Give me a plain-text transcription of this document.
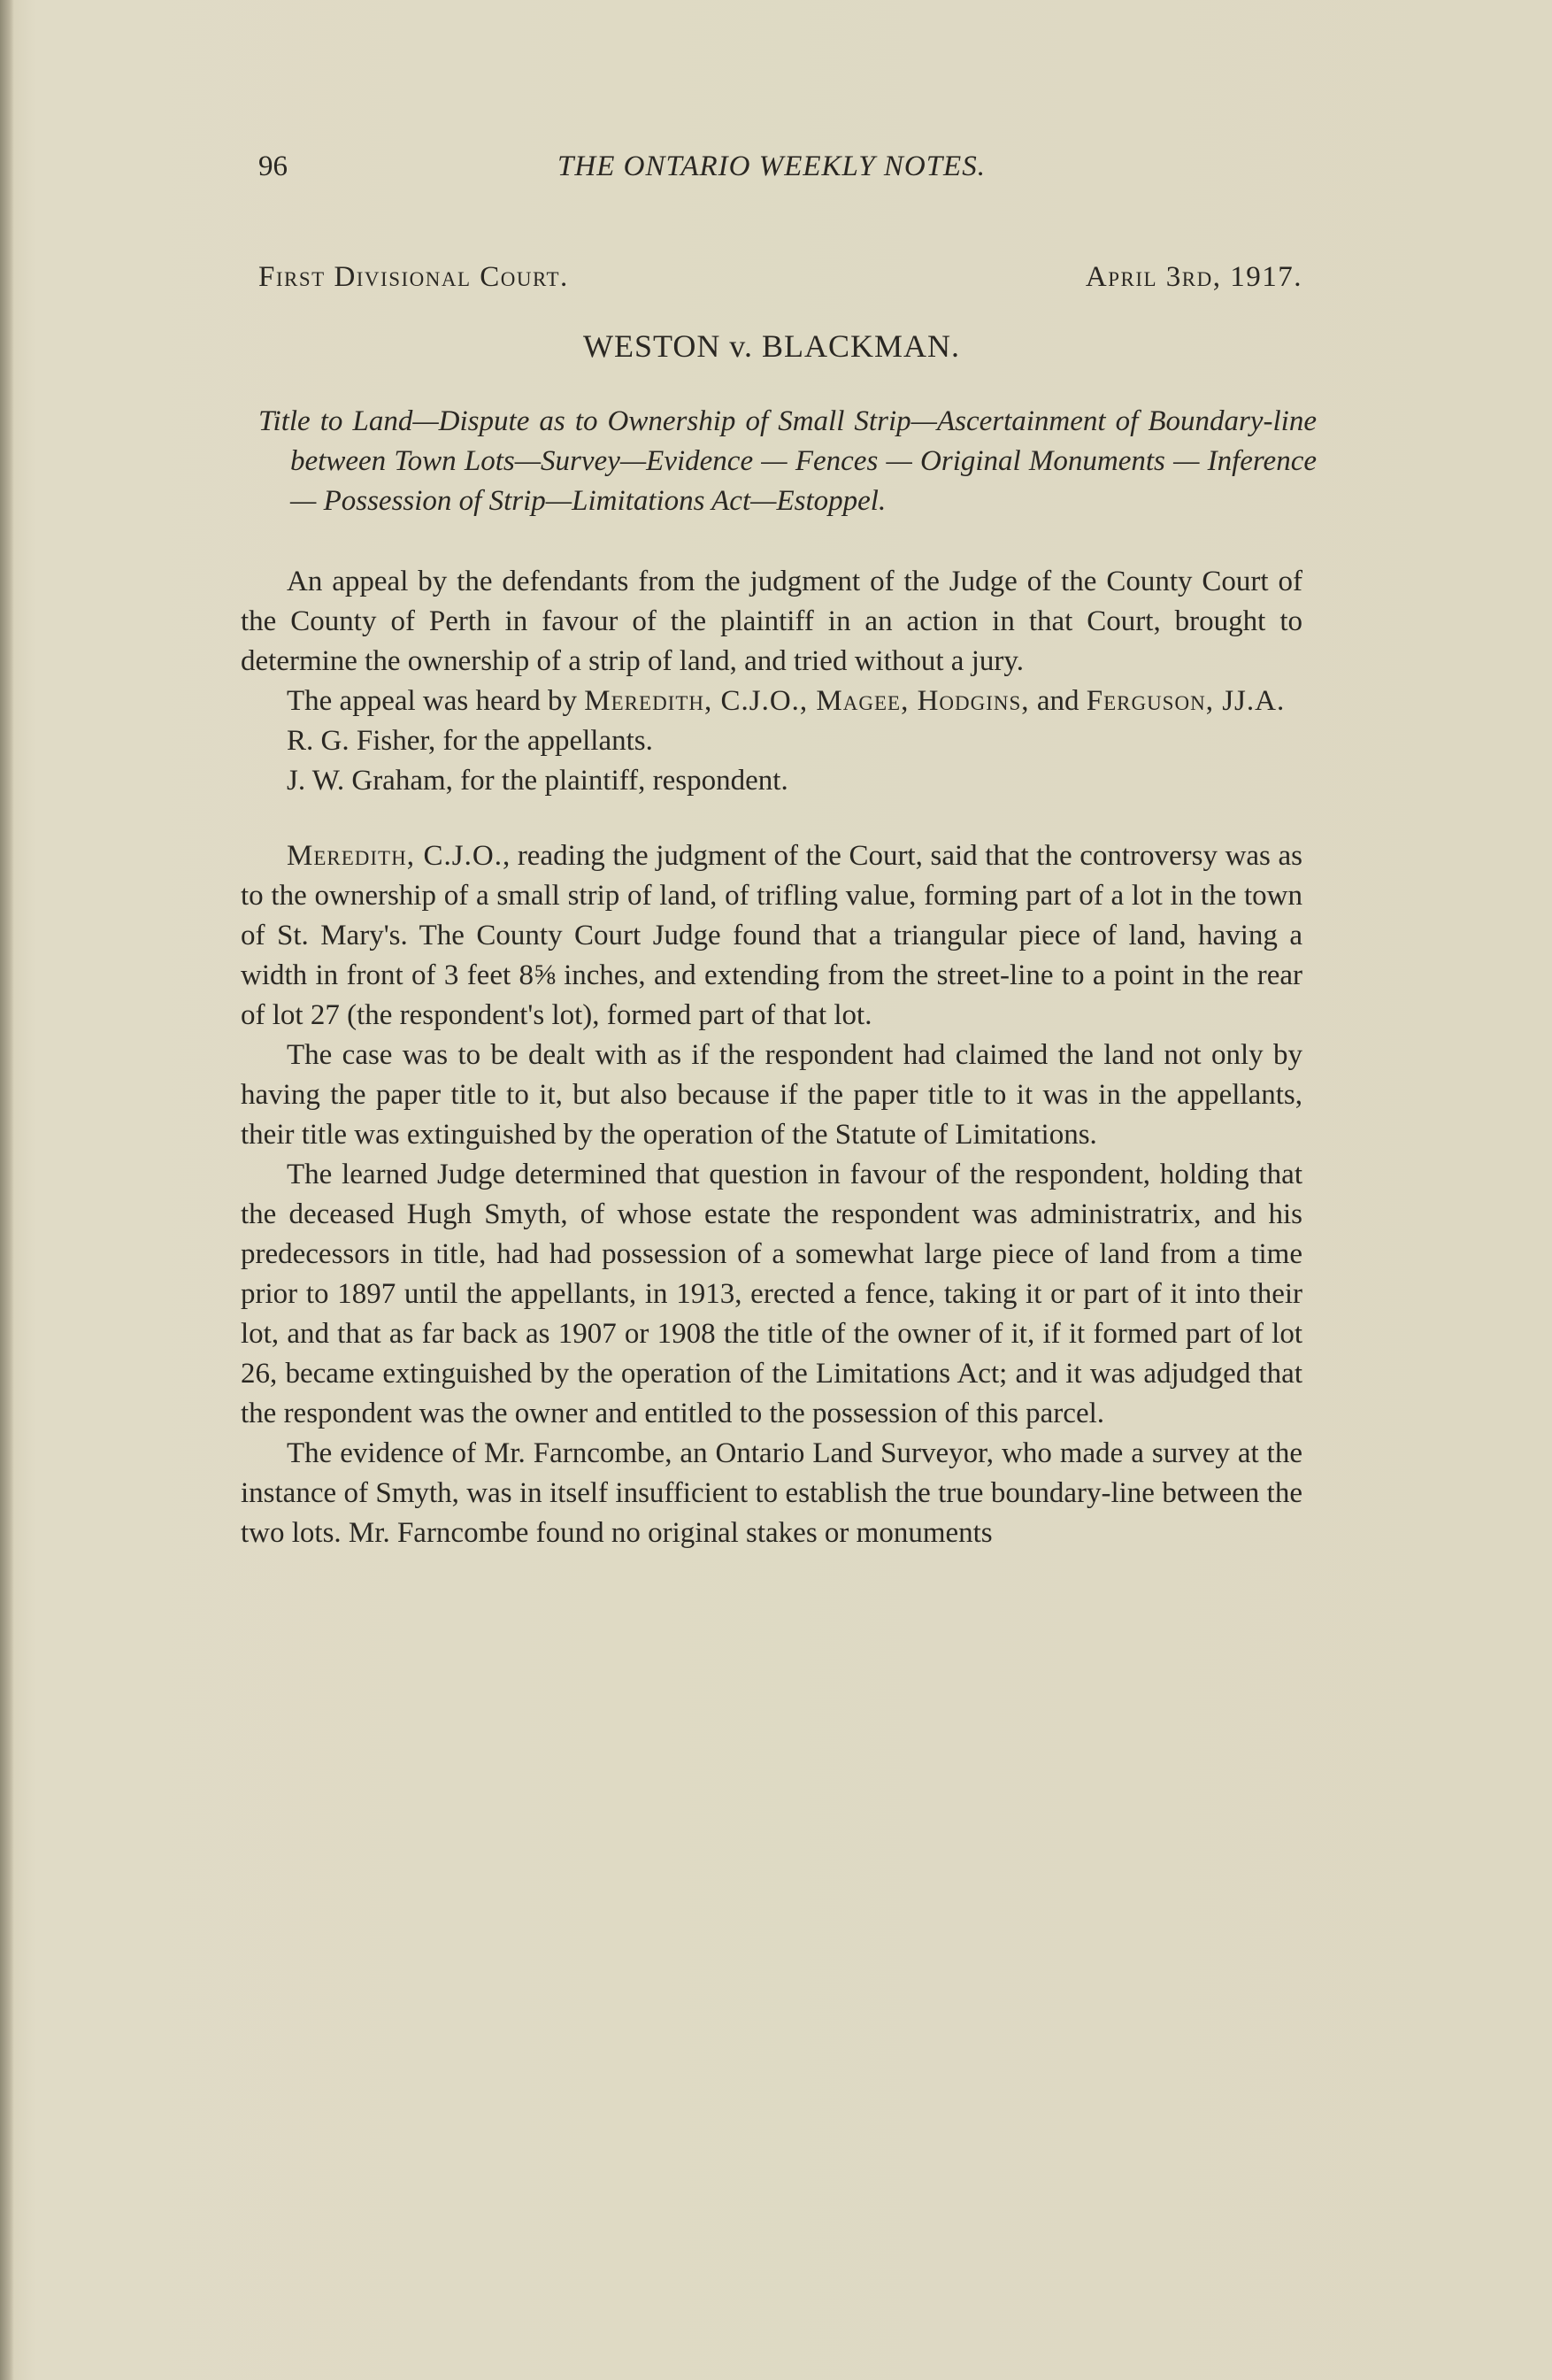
96	THE ONTARIO WEEKLY NOTES.
First Divisional Court.	April 3rd, 1917.
WESTON v. BLACKMAN.
Title to Land—Dispute as to Ownership of Small Strip—Ascertainment of Boundary-line between Town Lots—Survey—Evidence — Fences — Original Monuments — Inference — Possession of Strip—Limitations Act—Estoppel.

An appeal by the defendants from the judgment of the Judge of the County Court of the County of Perth in favour of the plaintiff in an action in that Court, brought to determine the ownership of a strip of land, and tried without a jury.

The appeal was heard by Meredith, C.J.O., Magee, Hodgins, and Ferguson, JJ.A.

R. G. Fisher, for the appellants.

J. W. Graham, for the plaintiff, respondent.

Meredith, C.J.O., reading the judgment of the Court, said that the controversy was as to the ownership of a small strip of land, of trifling value, forming part of a lot in the town of St. Mary's. The County Court Judge found that a triangular piece of land, having a width in front of 3 feet 8⅝ inches, and extending from the street-line to a point in the rear of lot 27 (the respondent's lot), formed part of that lot.

The case was to be dealt with as if the respondent had claimed the land not only by having the paper title to it, but also because if the paper title to it was in the appellants, their title was extinguished by the operation of the Statute of Limitations.

The learned Judge determined that question in favour of the respondent, holding that the deceased Hugh Smyth, of whose estate the respondent was administratrix, and his predecessors in title, had had possession of a somewhat large piece of land from a time prior to 1897 until the appellants, in 1913, erected a fence, taking it or part of it into their lot, and that as far back as 1907 or 1908 the title of the owner of it, if it formed part of lot 26, became extinguished by the operation of the Limitations Act; and it was adjudged that the respondent was the owner and entitled to the possession of this parcel.

The evidence of Mr. Farncombe, an Ontario Land Surveyor, who made a survey at the instance of Smyth, was in itself insufficient to establish the true boundary-line between the two lots. Mr. Farncombe found no original stakes or monuments
